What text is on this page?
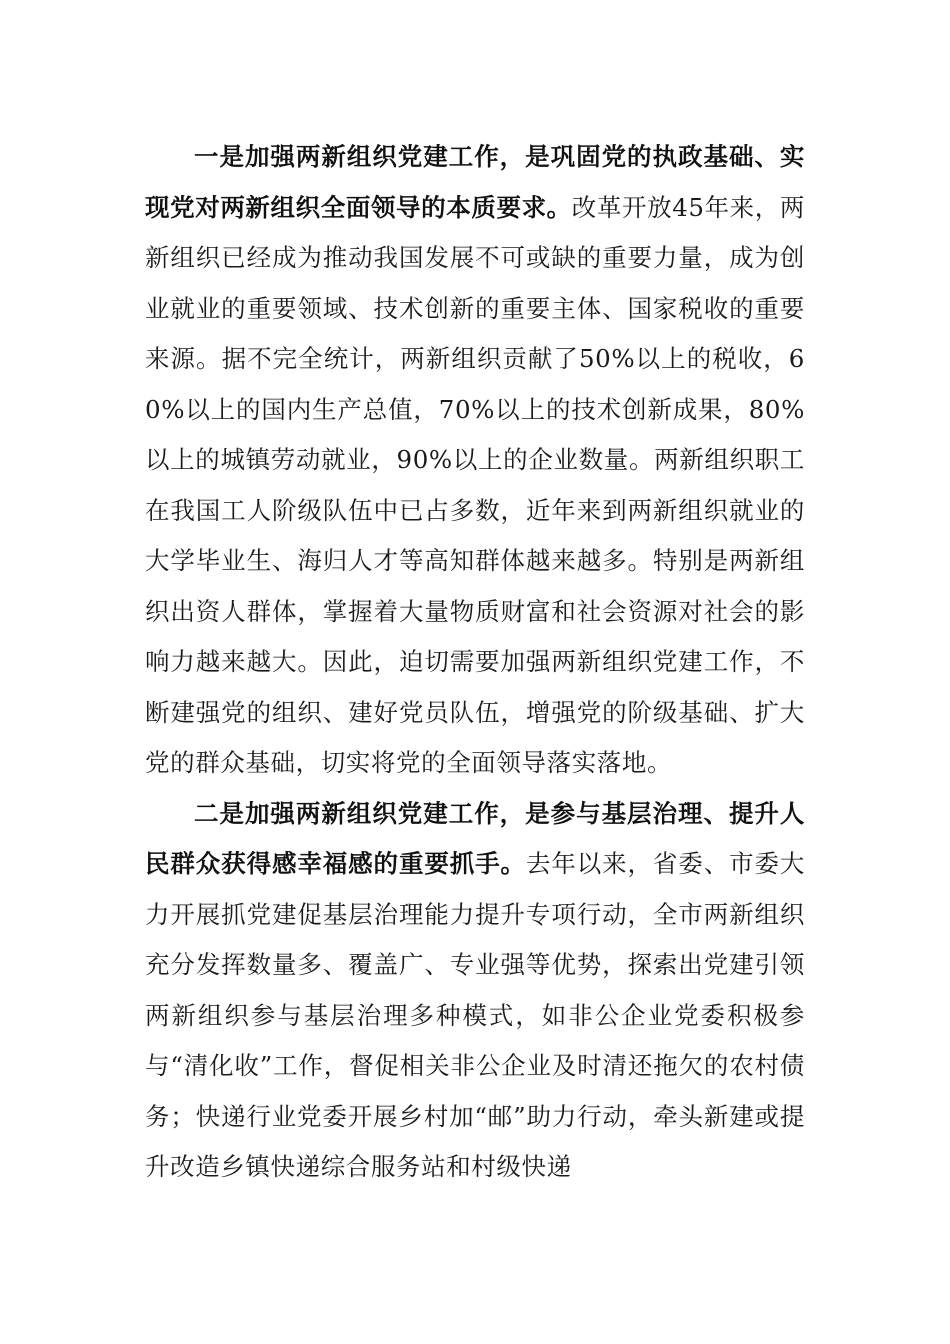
一是加强两新组织党建工作，是巩固党的执政基础、实现党对两新组织全面领导的本质要求。改革开放45年来，两新组织已经成为推动我国发展不可或缺的重要力量，成为创业就业的重要领域、技术创新的重要主体、国家税收的重要来源。据不完全统计，两新组织贡献了50%以上的税收，60%以上的国内生产总值，70%以上的技术创新成果，80%以上的城镇劳动就业，90%以上的企业数量。两新组织职工在我国工人阶级队伍中已占多数，近年来到两新组织就业的大学毕业生、海归人才等高知群体越来越多。特别是两新组织出资人群体，掌握着大量物质财富和社会资源对社会的影响力越来越大。因此，迫切需要加强两新组织党建工作，不断建强党的组织、建好党员队伍，增强党的阶级基础、扩大党的群众基础，切实将党的全面领导落实落地。

二是加强两新组织党建工作，是参与基层治理、提升人民群众获得感幸福感的重要抓手。去年以来，省委、市委大力开展抓党建促基层治理能力提升专项行动，全市两新组织充分发挥数量多、覆盖广、专业强等优势，探索出党建引领两新组织参与基层治理多种模式，如非公企业党委积极参与“清化收”工作，督促相关非公企业及时清还拖欠的农村债务；快递行业党委开展乡村加“邮”助力行动，牵头新建或提升改造乡镇快递综合服务站和村级快递
